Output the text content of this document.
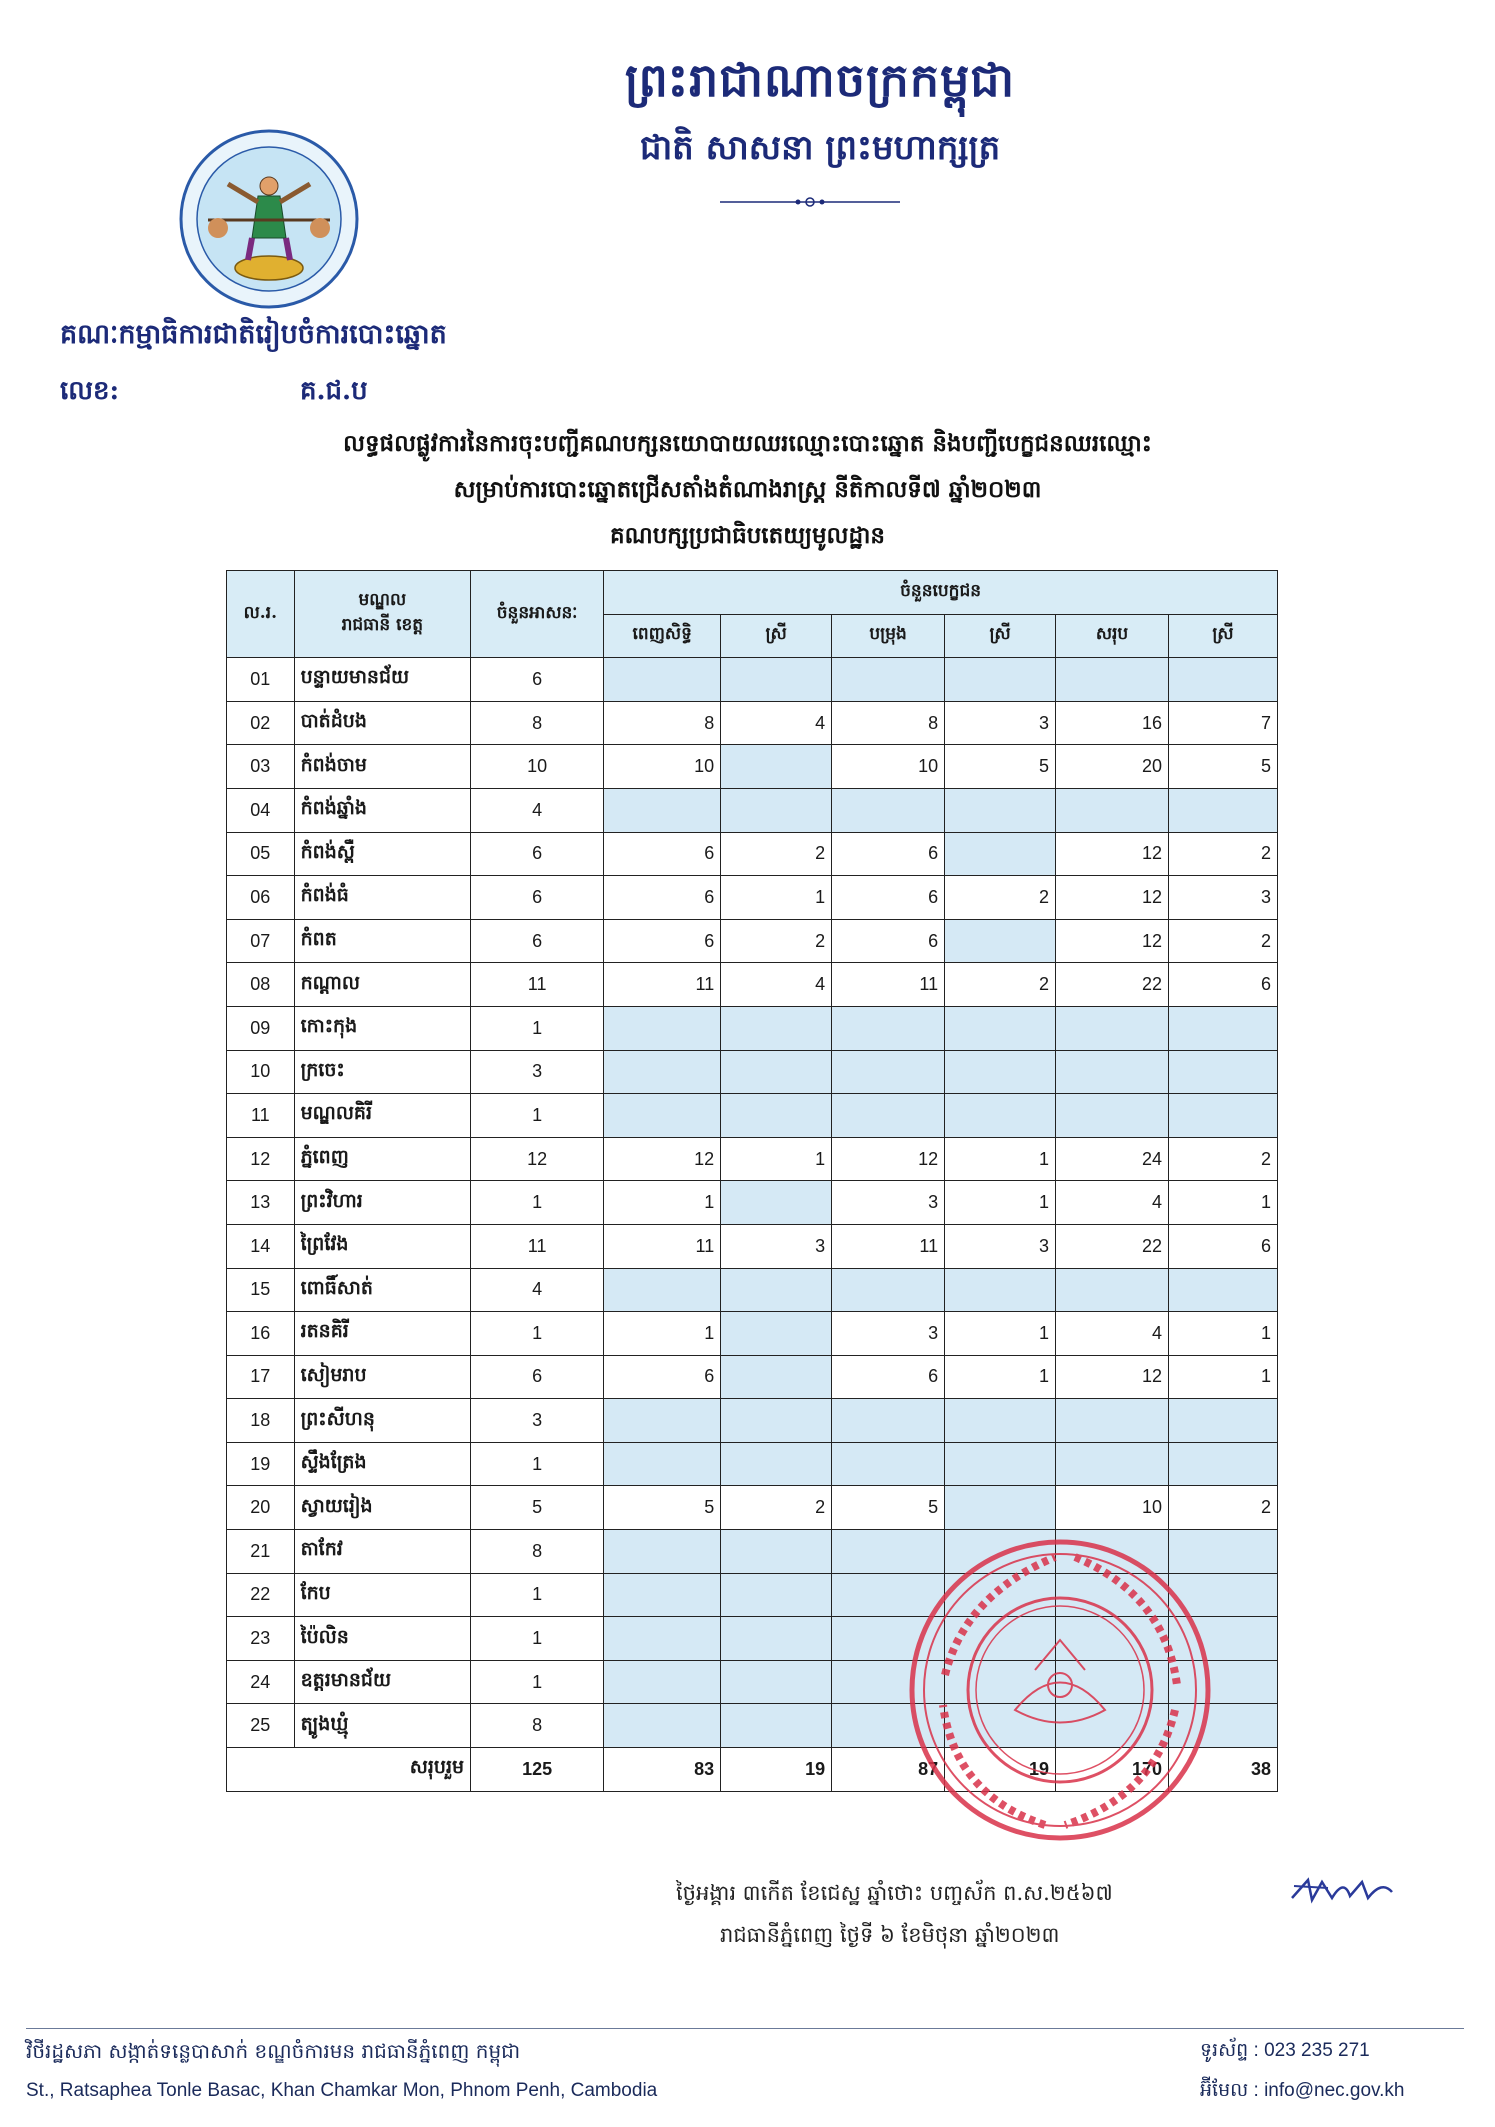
ព្រះរាជាណាចក្រកម្ពុជា
ជាតិ សាសនា ព្រះមហាក្សត្រ
គណៈកម្មាធិការជាតិរៀបចំការបោះឆ្នោត
លេខ:	គ.ជ.ប
លទ្ធផលផ្លូវការនៃការចុះបញ្ជីគណបក្សនយោបាយឈរឈ្មោះបោះឆ្នោត និងបញ្ជីបេក្ខជនឈរឈ្មោះ
សម្រាប់ការបោះឆ្នោតជ្រើសតាំងតំណាងរាស្ត្រ នីតិកាលទី៧ ឆ្នាំ២០២៣
គណបក្សប្រជាធិបតេយ្យមូលដ្ឋាន
ល.រ.	មណ្ឌល
រាជធានី ខេត្ត	ចំនួនអាសនៈ	ចំនួនបេក្ខជន					
			ពេញសិទ្ធិ	ស្រី	បម្រុង	ស្រី	សរុប	ស្រី
01	បន្ទាយមានជ័យ	6						
02	បាត់ដំបង	8	8	4	8	3	16	7
03	កំពង់ចាម	10	10		10	5	20	5
04	កំពង់ឆ្នាំង	4						
05	កំពង់ស្ពឺ	6	6	2	6		12	2
06	កំពង់ធំ	6	6	1	6	2	12	3
07	កំពត	6	6	2	6		12	2
08	កណ្ដាល	11	11	4	11	2	22	6
09	កោះកុង	1						
10	ក្រចេះ	3						
11	មណ្ឌលគិរី	1						
12	ភ្នំពេញ	12	12	1	12	1	24	2
13	ព្រះវិហារ	1	1		3	1	4	1
14	ព្រៃវែង	11	11	3	11	3	22	6
15	ពោធិ៍សាត់	4						
16	រតនគិរី	1	1		3	1	4	1
17	សៀមរាប	6	6		6	1	12	1
18	ព្រះសីហនុ	3						
19	ស្ទឹងត្រែង	1						
20	ស្វាយរៀង	5	5	2	5		10	2
21	តាកែវ	8						
22	កែប	1						
23	ប៉ៃលិន	1						
24	ឧត្ដរមានជ័យ	1						
25	ត្បូងឃ្មុំ	8						
សរុបរួម		125	83	19	87	19	170	38
ថ្ងៃអង្គារ ៣កើត ខែជេស្ឋ ឆ្នាំថោះ បញ្ចស័ក ព.ស.២៥៦៧
រាជធានីភ្នំពេញ ថ្ងៃទី ៦ ខែមិថុនា ឆ្នាំ២០២៣
វិថីរដ្ឋសភា សង្កាត់ទន្លេបាសាក់ ខណ្ឌចំការមន រាជធានីភ្នំពេញ កម្ពុជា
St., Ratsaphea Tonle Basac, Khan Chamkar Mon, Phnom Penh, Cambodia
ទូរស័ព្ទ : 023 235 271
អ៊ីមែល : info@nec.gov.kh
